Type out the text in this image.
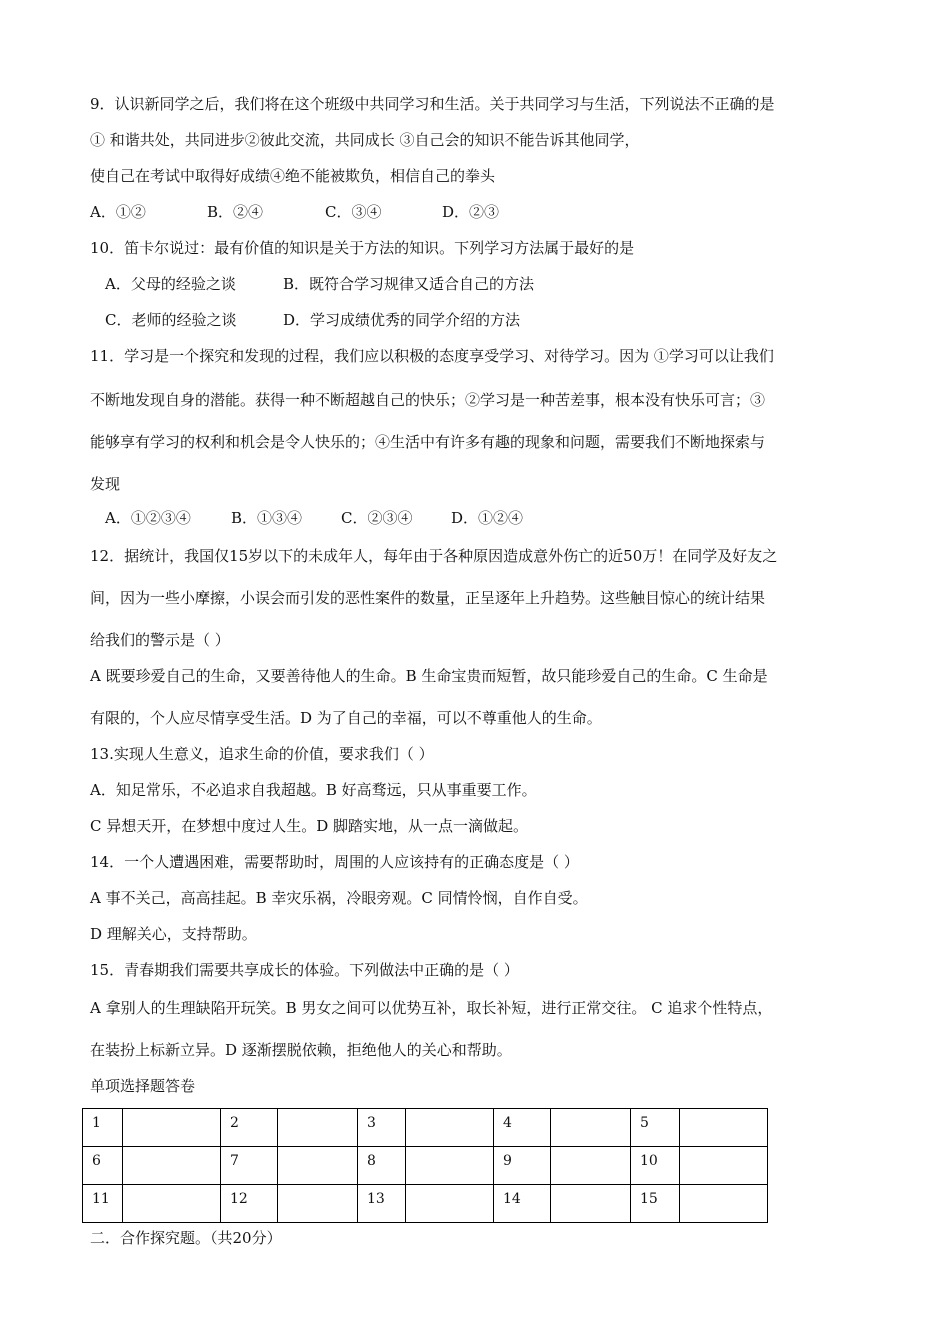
9．认识新同学之后，我们将在这个班级中共同学习和生活。关于共同学习与生活，下列说法不正确的是
① 和谐共处，共同进步②彼此交流，共同成长 ③自己会的知识不能告诉其他同学，
使自己在考试中取得好成绩④绝不能被欺负，相信自己的拳头
A．①②	B．②④	C．③④	D．②③
10．笛卡尔说过：最有价值的知识是关于方法的知识。下列学习方法属于最好的是
A．父母的经验之谈	B．既符合学习规律又适合自己的方法
C．老师的经验之谈	D．学习成绩优秀的同学介绍的方法
11．学习是一个探究和发现的过程，我们应以积极的态度享受学习、对待学习。因为 ①学习可以让我们
不断地发现自身的潜能。获得一种不断超越自己的快乐；②学习是一种苦差事，根本没有快乐可言；③
能够享有学习的权利和机会是令人快乐的；④生活中有许多有趣的现象和问题，需要我们不断地探索与
发现
A．①②③④	B．①③④	C．②③④	D．①②④
12．据统计，我国仅15岁以下的未成年人，每年由于各种原因造成意外伤亡的近50万！在同学及好友之
间，因为一些小摩擦，小误会而引发的恶性案件的数量，正呈逐年上升趋势。这些触目惊心的统计结果
给我们的警示是（ ）
A 既要珍爱自己的生命，又要善待他人的生命。B 生命宝贵而短暂，故只能珍爱自己的生命。C 生命是
有限的，个人应尽情享受生活。D 为了自己的幸福，可以不尊重他人的生命。
13.实现人生意义，追求生命的价值，要求我们（ ）
A．知足常乐，不必追求自我超越。B 好高骛远，只从事重要工作。
C 异想天开，在梦想中度过人生。D 脚踏实地，从一点一滴做起。
14．一个人遭遇困难，需要帮助时，周围的人应该持有的正确态度是（ ）
A 事不关己，高高挂起。B 幸灾乐祸，冷眼旁观。C 同情怜悯，自作自受。
D 理解关心，支持帮助。
15．青春期我们需要共享成长的体验。下列做法中正确的是（ ）
A 拿别人的生理缺陷开玩笑。B 男女之间可以优势互补，取长补短，进行正常交往。 C 追求个性特点，
在装扮上标新立异。D 逐渐摆脱依赖，拒绝他人的关心和帮助。
单项选择题答卷
1		2		3		4		5	
6		7		8		9		10	
11		12		13		14		15	
二．合作探究题。（共20分）
